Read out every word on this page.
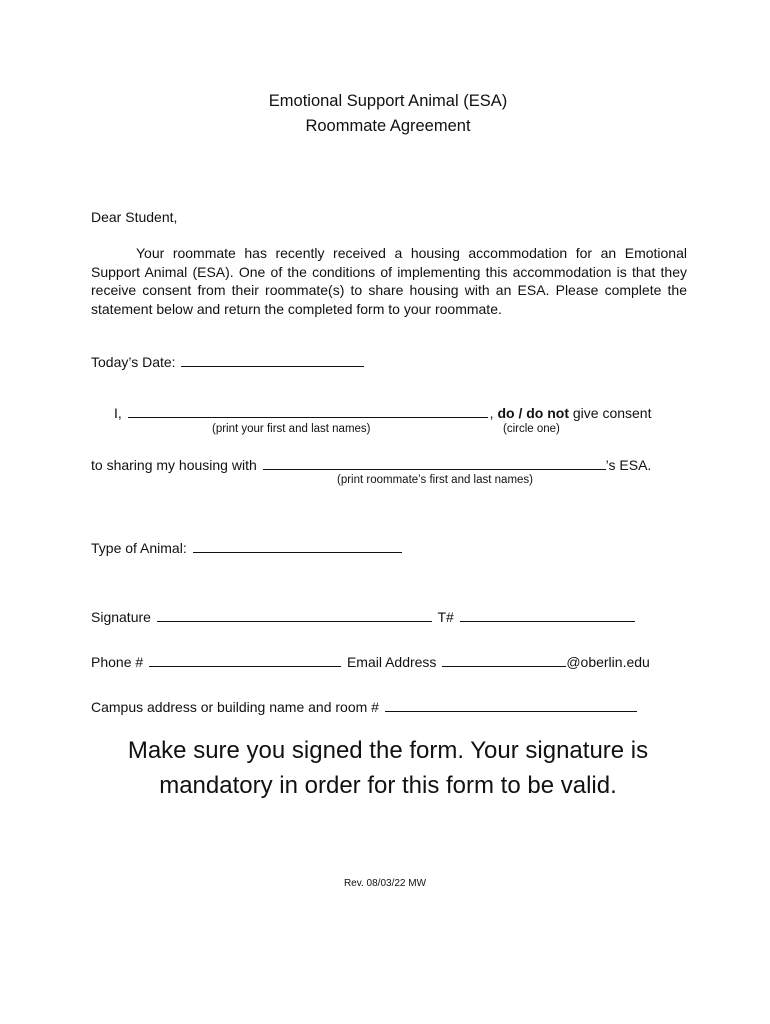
Emotional Support Animal (ESA)
Roommate Agreement
Dear Student,
Your roommate has recently received a housing accommodation for an Emotional Support Animal (ESA). One of the conditions of implementing this accommodation is that they receive consent from their roommate(s) to share housing with an ESA. Please complete the statement below and return the completed form to your roommate.
Today’s Date:
I,	, do / do not give consent
(print your first and last names)	(circle one)
to sharing my housing with	’s ESA.
(print roommate’s first and last names)
Type of Animal:
Signature	T#
Phone #	Email Address	@oberlin.edu
Campus address or building name and room #
Make sure you signed the form. Your signature is
mandatory in order for this form to be valid.
Rev. 08/03/22 MW
